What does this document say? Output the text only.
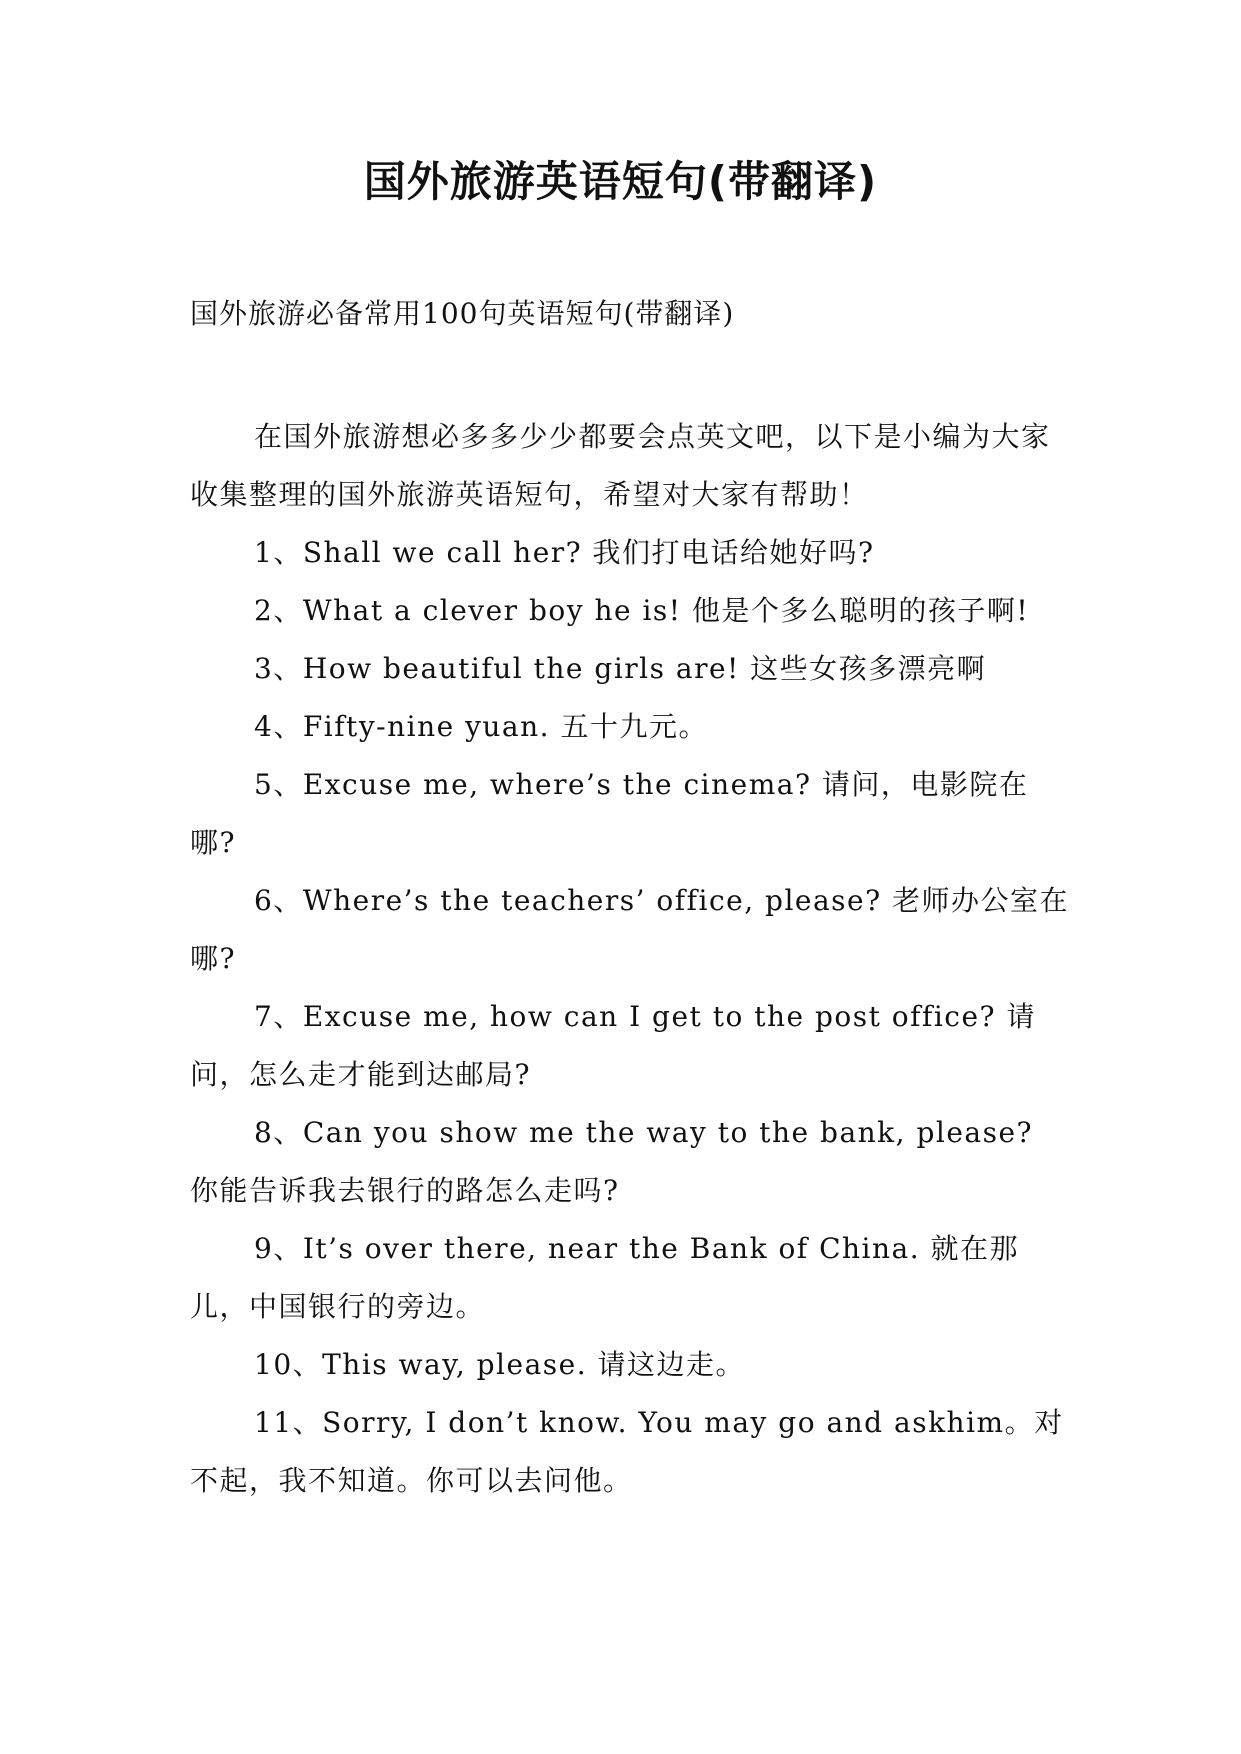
国外旅游英语短句(带翻译)
国外旅游必备常用100句英语短句(带翻译)

在国外旅游想必多多少少都要会点英文吧，以下是小编为大家收集整理的国外旅游英语短句，希望对大家有帮助！

1、Shall we call her? 我们打电话给她好吗?

2、What a clever boy he is! 他是个多么聪明的孩子啊!

3、How beautiful the girls are! 这些女孩多漂亮啊

4、Fifty-nine yuan. 五十九元。

5、Excuse me, where’s the cinema? 请问，电影院在哪?

6、Where’s the teachers’ office, please? 老师办公室在哪?

7、Excuse me, how can I get to the post office? 请问，怎么走才能到达邮局?

8、Can you show me the way to the bank, please? 你能告诉我去银行的路怎么走吗?

9、It’s over there, near the Bank of China. 就在那儿，中国银行的旁边。

10、This way, please. 请这边走。

11、Sorry, I don’t know. You may go and askhim。对不起，我不知道。你可以去问他。
